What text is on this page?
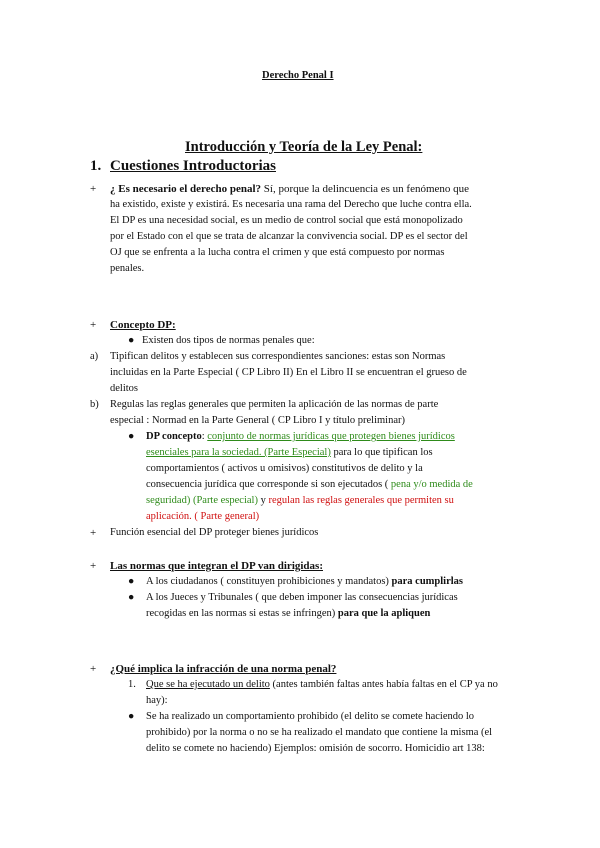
Derecho Penal I
Introducción y Teoría de la Ley Penal:
1. Cuestiones Introductorias
+ ¿ Es necesario el derecho penal? Sí, porque la delincuencia es un fenómeno que
ha existido, existe y existirá. Es necesaria una rama del Derecho que luche contra ella.
El DP es una necesidad social, es un medio de control social que está monopolizado
por el Estado con el que se trata de alcanzar la convivencia social. DP es el sector del
OJ que se enfrenta a la lucha contra el crimen y que está compuesto por normas
penales.
+ Concepto DP:
● Existen dos tipos de normas penales que:
a) Tipifican delitos y establecen sus correspondientes sanciones: estas son Normas
incluidas en la Parte Especial ( CP Libro II) En el Libro II se encuentran el grueso de
delitos
b) Regulas las reglas generales que permiten la aplicación de las normas de parte
especial : Normad en la Parte General ( CP Libro I y título preliminar)
● DP concepto: conjunto de normas jurídicas que protegen bienes jurídicos
esenciales para la sociedad. (Parte Especial) para lo que tipifican los
comportamientos ( activos u omisivos) constitutivos de delito y la
consecuencia jurídica que corresponde si son ejecutados ( pena y/o medida de
seguridad) (Parte especial) y regulan las reglas generales que permiten su
aplicación. ( Parte general)
+ Función esencial del DP proteger bienes jurídicos
+ Las normas que integran el DP van dirigidas:
● A los ciudadanos ( constituyen prohibiciones y mandatos) para cumplirlas
● A los Jueces y Tribunales ( que deben imponer las consecuencias jurídicas
recogidas en las normas si estas se infringen) para que la apliquen
+ ¿Qué implica la infracción de una norma penal?
1. Que se ha ejecutado un delito (antes también faltas antes había faltas en el CP ya no
hay):
● Se ha realizado un comportamiento prohibido (el delito se comete haciendo lo
prohibido) por la norma o no se ha realizado el mandato que contiene la misma (el
delito se comete no haciendo) Ejemplos: omisión de socorro. Homicidio art 138:
